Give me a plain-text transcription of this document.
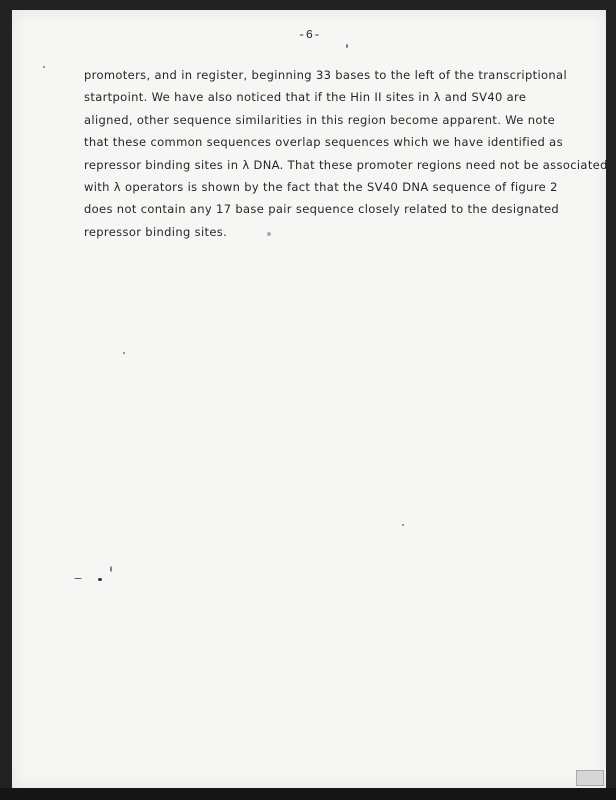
-6-
promoters, and in register, beginning 33 bases to the left of the transcriptional
startpoint. We have also noticed that if the Hin II sites in λ and SV40 are
aligned, other sequence similarities in this region become apparent. We note
that these common sequences overlap sequences which we have identified as
repressor binding sites in λ DNA. That these promoter regions need not be associated
with λ operators is shown by the fact that the SV40 DNA sequence of figure 2
does not contain any 17 base pair sequence closely related to the designated
repressor binding sites.
